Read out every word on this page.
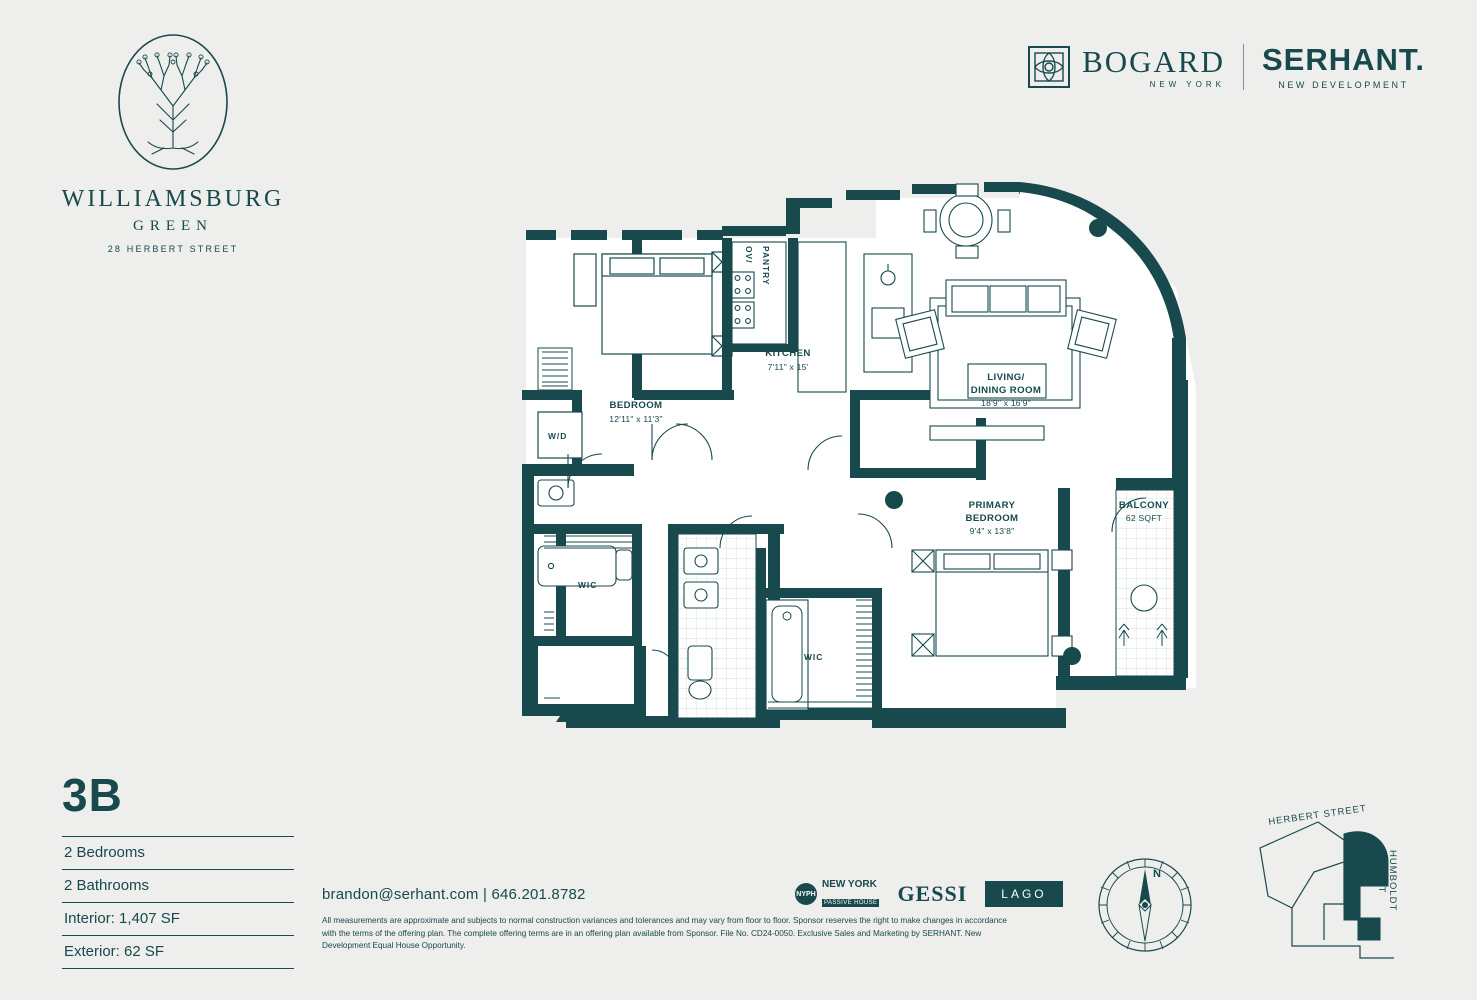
WILLIAMSBURG
GREEN
28 HERBERT STREET
BOGARD
NEW YORK
SERHANT.
NEW DEVELOPMENT
BEDROOM
12'11" x 11'3"
KITCHEN
7'11" x 15'
LIVING/
DINING ROOM
18'9" x 16'9"
PRIMARY
BEDROOM
9'4" x 13'8"
BALCONY
62 SQFT
W/D
WIC
WIC
PANTRY
OV/
3B
2 Bedrooms
2 Bathrooms
Interior: 1,407 SF
Exterior: 62 SF
brandon@serhant.com | 646.201.8782
All measurements are approximate and subjects to normal construction variances and tolerances and may vary from floor to floor. Sponsor reserves the right to make changes in accordance with the terms of the offering plan. The complete offering terms are in an offering plan available from Sponsor. File No. CD24-0050. Exclusive Sales and Marketing by SERHANT. New Development Equal House Opportunity.
NYPH
NEW YORK
PASSIVE HOUSE GESSI	LAGO
N
HERBERT STREET
HUMBOLDT STREET
